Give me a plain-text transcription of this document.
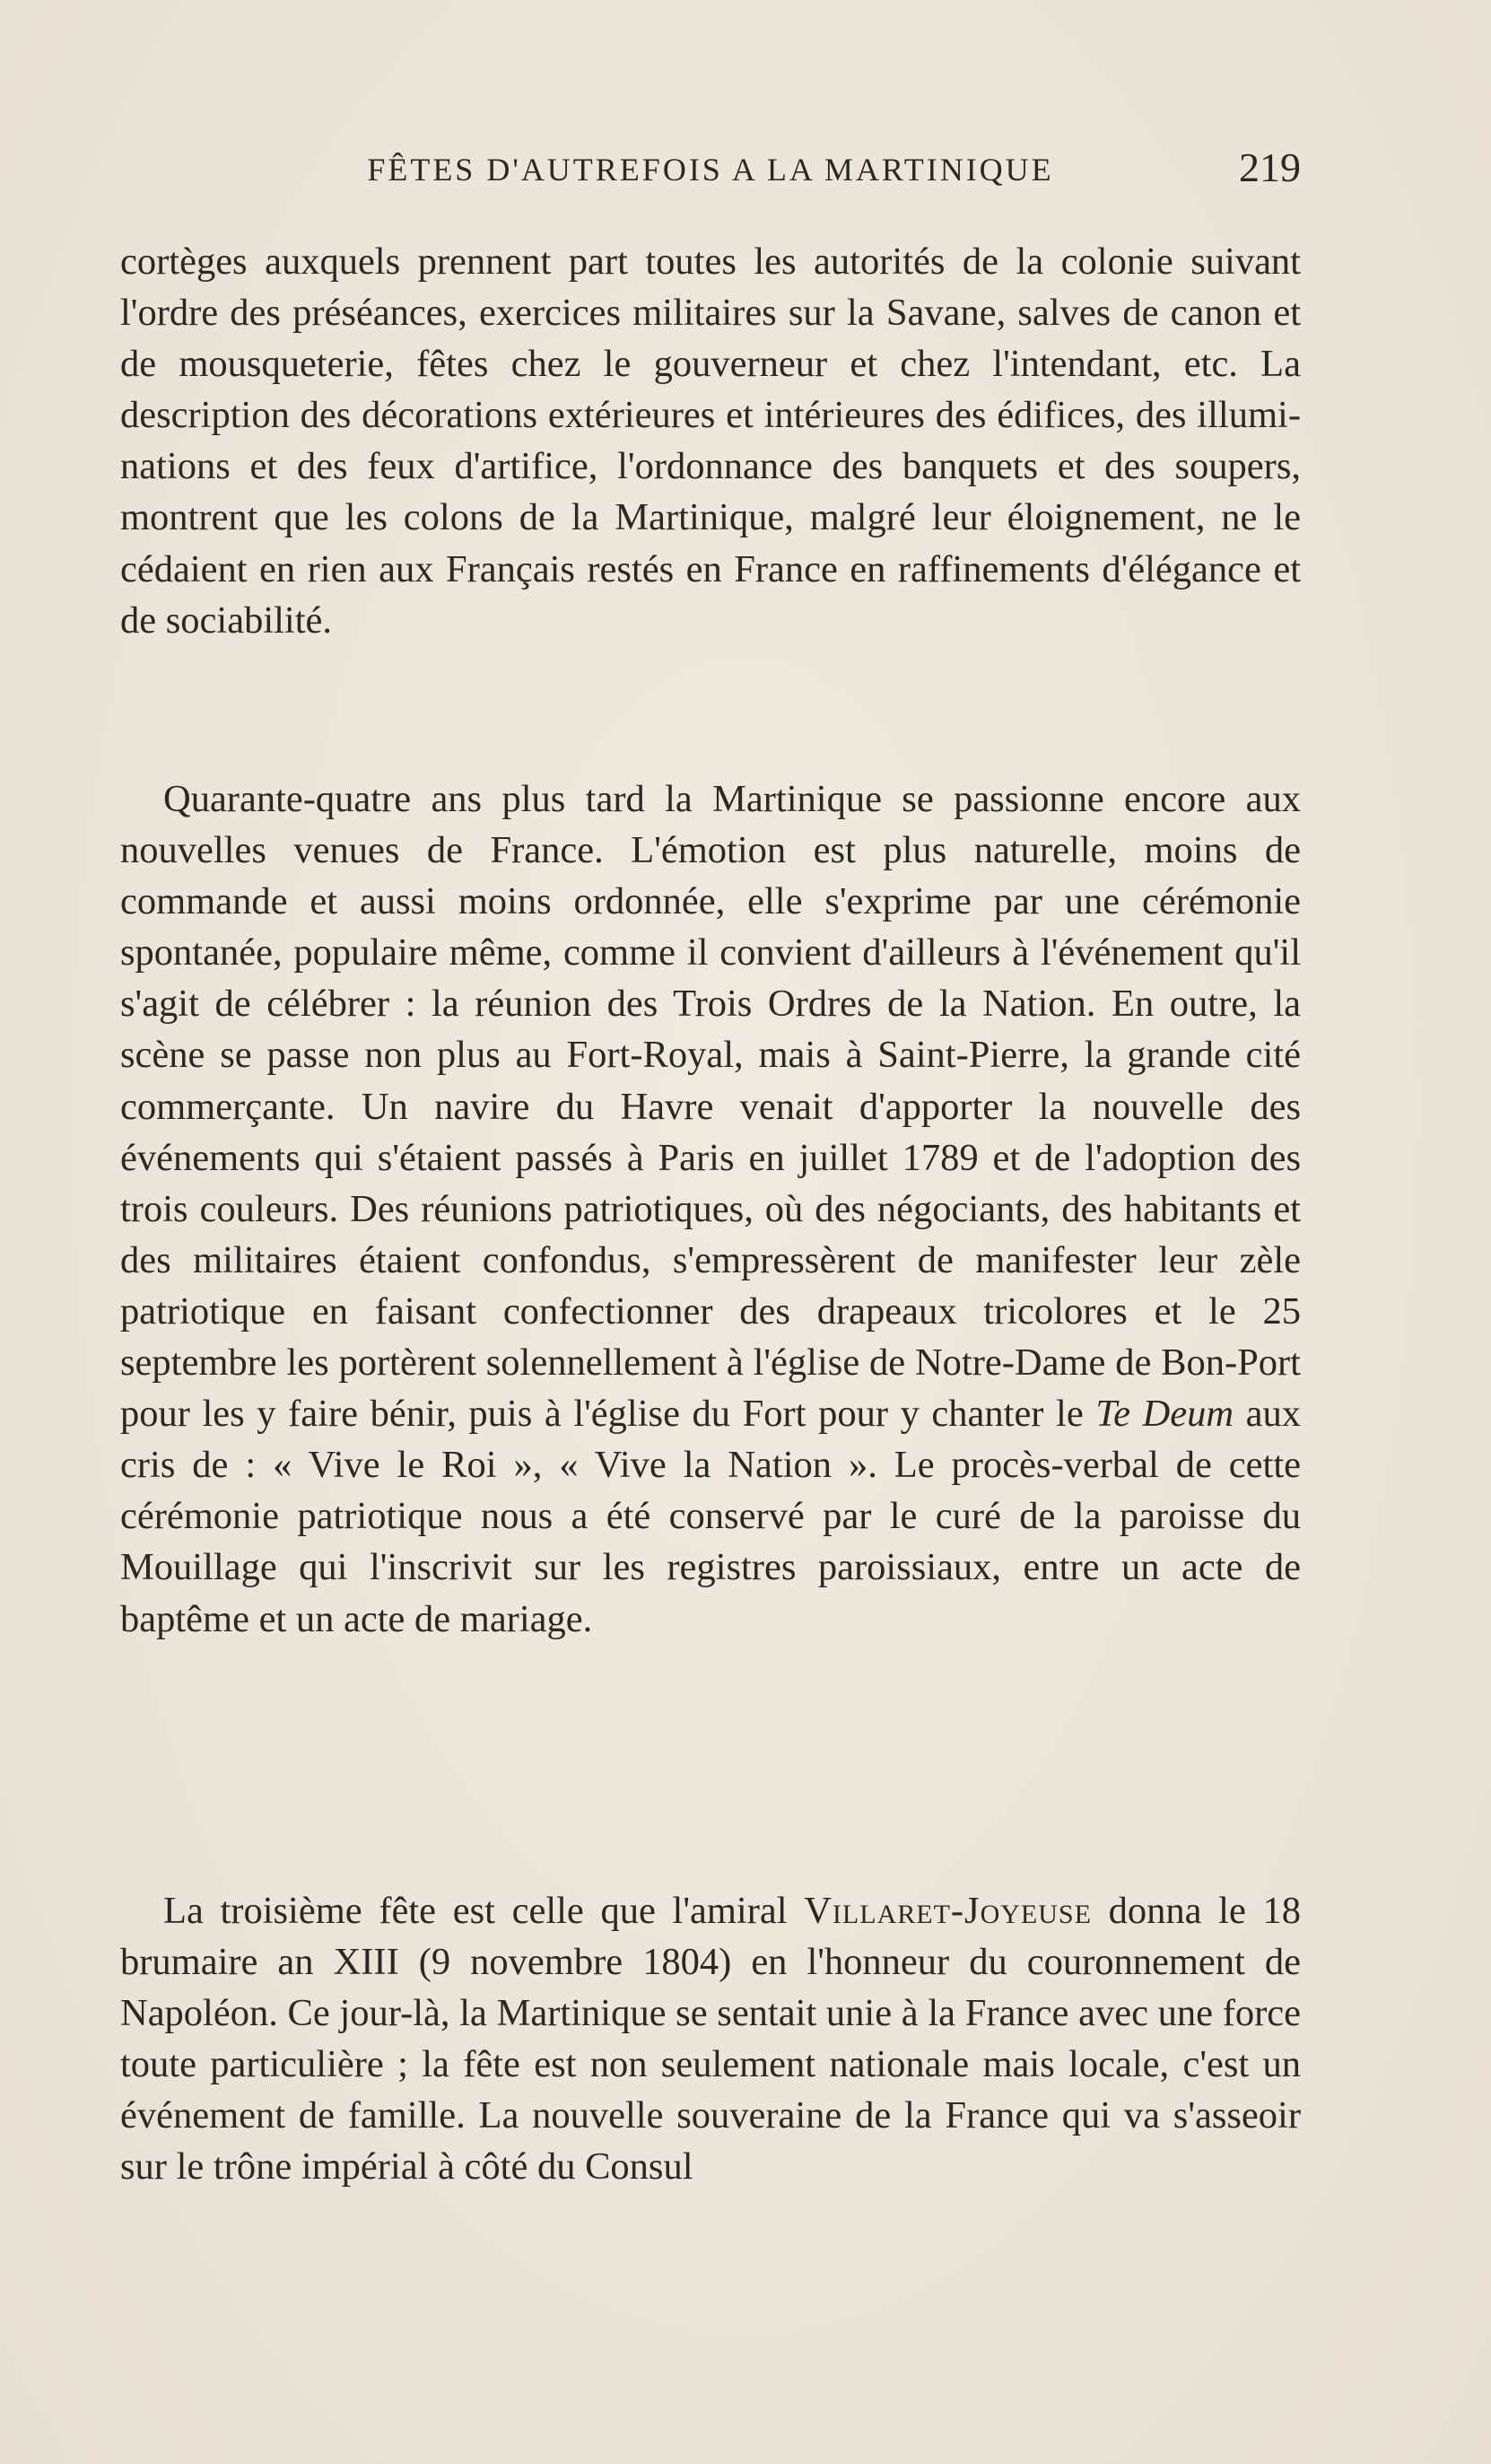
FÊTES D'AUTREFOIS A LA MARTINIQUE	219

cortèges auxquels prennent part toutes les autorités de la colonie suivant l'ordre des préséances, exercices militaires sur la Savane, salves de canon et de mousqueterie, fêtes chez le gouverneur et chez l'intendant, etc. La description des décorations extérieures et intérieures des édifices, des illuminations et des feux d'artifice, l'ordonnance des banquets et des soupers, montrent que les colons de la Martinique, malgré leur éloignement, ne le cédaient en rien aux Français restés en France en raffinements d'élégance et de sociabilité.

Quarante-quatre ans plus tard la Martinique se passionne encore aux nouvelles venues de France. L'émotion est plus naturelle, moins de commande et aussi moins ordonnée, elle s'exprime par une cérémonie spontanée, populaire même, comme il convient d'ailleurs à l'événement qu'il s'agit de célébrer : la réunion des Trois Ordres de la Nation. En outre, la scène se passe non plus au Fort-Royal, mais à Saint-Pierre, la grande cité commerçante. Un navire du Havre venait d'apporter la nouvelle des événements qui s'étaient passés à Paris en juillet 1789 et de l'adoption des trois couleurs. Des réunions patriotiques, où des négociants, des habitants et des militaires étaient confondus, s'empressèrent de manifester leur zèle patriotique en faisant confectionner des drapeaux tricolores et le 25 septembre les portèrent solennellement à l'église de Notre-Dame de Bon-Port pour les y faire bénir, puis à l'église du Fort pour y chanter le Te Deum aux cris de : « Vive le Roi », « Vive la Nation ». Le procès-verbal de cette cérémonie patriotique nous a été conservé par le curé de la paroisse du Mouillage qui l'inscrivit sur les registres paroissiaux, entre un acte de baptême et un acte de mariage.

La troisième fête est celle que l'amiral Villaret-Joyeuse donna le 18 brumaire an XIII (9 novembre 1804) en l'honneur du couronnement de Napoléon. Ce jour-là, la Martinique se sentait unie à la France avec une force toute particulière ; la fête est non seulement nationale mais locale, c'est un événement de famille. La nouvelle souveraine de la France qui va s'asseoir sur le trône impérial à côté du Consul
